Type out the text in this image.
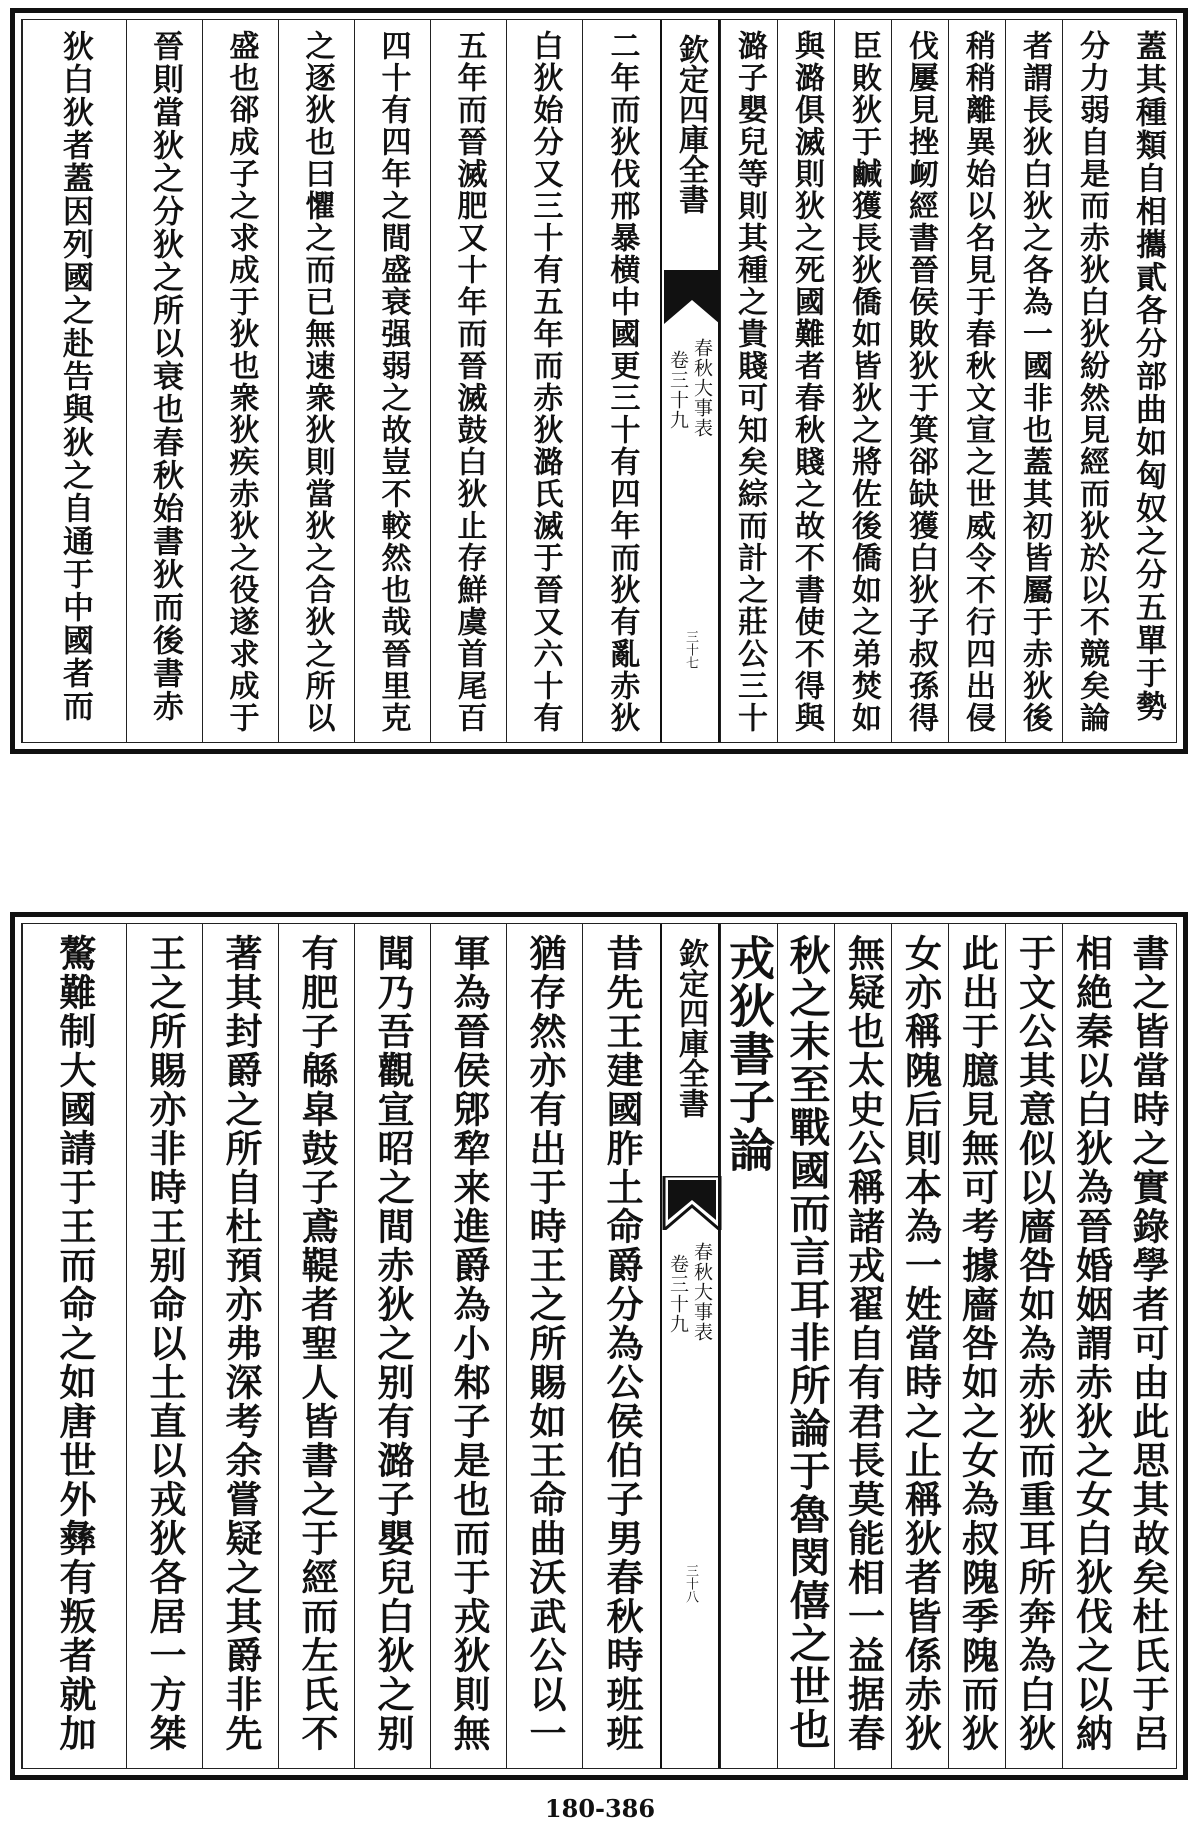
蓋其種類自相攜貳各分部曲如匈奴之分五單于勢
分力弱自是而赤狄白狄紛然見經而狄於以不競矣論
者謂長狄白狄之各為一國非也蓋其初皆屬于赤狄後
稍稍離異始以名見于春秋文宣之世威令不行四出侵
伐屢見挫衂經書晉侯敗狄于箕郤缺獲白狄子叔孫得
臣敗狄于鹹獲長狄僑如皆狄之將佐後僑如之弟焚如
與潞俱滅則狄之死國難者春秋賤之故不書使不得與
潞子嬰兒等則其種之貴賤可知矣綜而計之莊公三十
欽定四庫全書
春秋大事表
卷三十九
三十七
二年而狄伐邢暴横中國更三十有四年而狄有亂赤狄
白狄始分又三十有五年而赤狄潞氏滅于晉又六十有
五年而晉滅肥又十年而晉滅鼓白狄止存鮮虞首尾百
四十有四年之間盛衰强弱之故豈不較然也哉晉里克
之逐狄也曰懼之而已無速衆狄則當狄之合狄之所以
盛也郤成子之求成于狄也衆狄疾赤狄之役遂求成于
晉則當狄之分狄之所以衰也春秋始書狄而後書赤
狄白狄者蓋因列國之赴告與狄之自通于中國者而
書之皆當時之實錄學者可由此思其故矣杜氏于呂
相絶秦以白狄為晉婚姻謂赤狄之女白狄伐之以納
于文公其意似以廧咎如為赤狄而重耳所奔為白狄
此出于臆見無可考據廧咎如之女為叔隗季隗而狄
女亦稱隗后則本為一姓當時之止稱狄者皆係赤狄
無疑也太史公稱諸戎翟自有君長莫能相一益据春
秋之末至戰國而言耳非所論于魯閔僖之世也
戎狄書子論
欽定四庫全書
春秋大事表
卷三十九
三十八
昔先王建國胙土命爵分為公侯伯子男春秋時班班
猶存然亦有出于時王之所賜如王命曲沃武公以一
軍為晉侯郳犂来進爵為小邾子是也而于戎狄則無
聞乃吾觀宣昭之間赤狄之别有潞子嬰兒白狄之别
有肥子緜皐鼓子鳶鞮者聖人皆書之于經而左氏不
著其封爵之所自杜預亦弗深考余嘗疑之其爵非先
王之所賜亦非時王别命以土直以戎狄各居一方桀
驁難制大國請于王而命之如唐世外彝有叛者就加
180-386
